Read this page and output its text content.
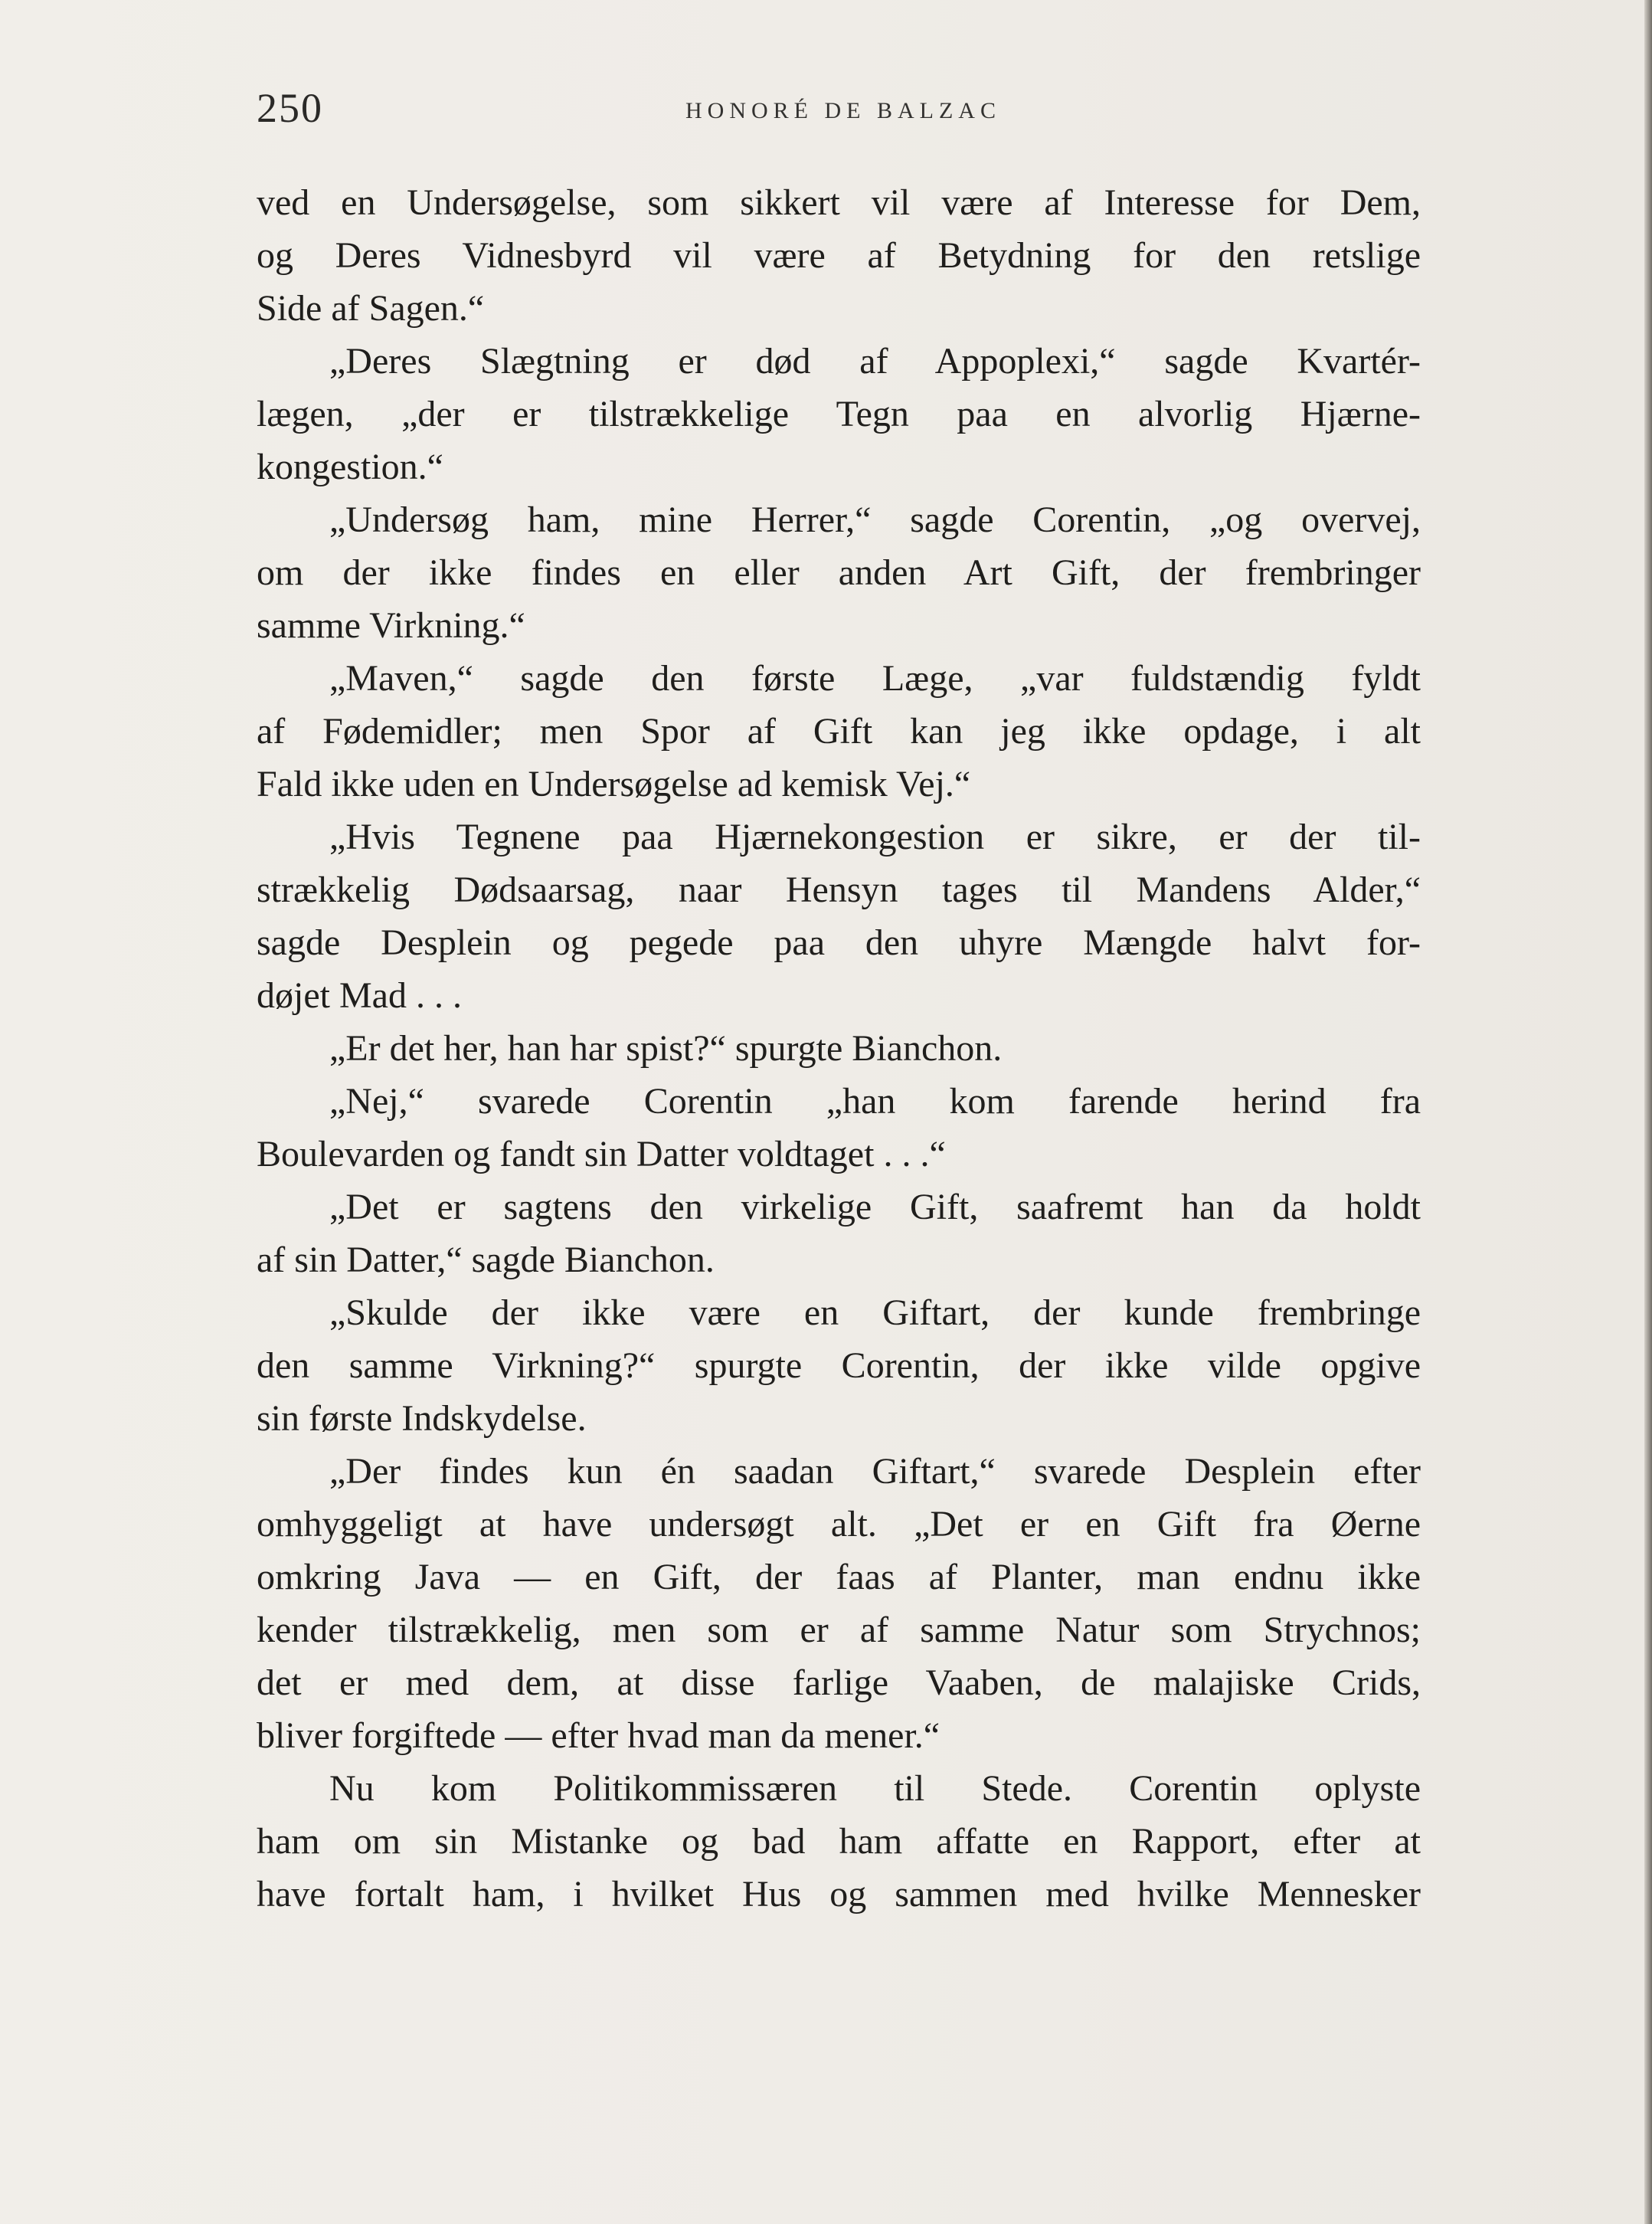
250	HONORÉ DE BALZAC
ved en Undersøgelse, som sikkert vil være af Interesse for Dem,
og Deres Vidnesbyrd vil være af Betydning for den retslige
Side af Sagen.“
„Deres Slægtning er død af Appoplexi,“ sagde Kvartér-
lægen, „der er tilstrækkelige Tegn paa en alvorlig Hjærne-
kongestion.“
„Undersøg ham, mine Herrer,“ sagde Corentin, „og overvej,
om der ikke findes en eller anden Art Gift, der frembringer
samme Virkning.“
„Maven,“ sagde den første Læge, „var fuldstændig fyldt
af Fødemidler; men Spor af Gift kan jeg ikke opdage, i alt
Fald ikke uden en Undersøgelse ad kemisk Vej.“
„Hvis Tegnene paa Hjærnekongestion er sikre, er der til-
strækkelig Dødsaarsag, naar Hensyn tages til Mandens Alder,“
sagde Desplein og pegede paa den uhyre Mængde halvt for-
døjet Mad . . .
„Er det her, han har spist?“ spurgte Bianchon.
„Nej,“ svarede Corentin „han kom farende herind fra
Boulevarden og fandt sin Datter voldtaget . . .“
„Det er sagtens den virkelige Gift, saafremt han da holdt
af sin Datter,“ sagde Bianchon.
„Skulde der ikke være en Giftart, der kunde frembringe
den samme Virkning?“ spurgte Corentin, der ikke vilde opgive
sin første Indskydelse.
„Der findes kun én saadan Giftart,“ svarede Desplein efter
omhyggeligt at have undersøgt alt. „Det er en Gift fra Øerne
omkring Java — en Gift, der faas af Planter, man endnu ikke
kender tilstrækkelig, men som er af samme Natur som Strychnos;
det er med dem, at disse farlige Vaaben, de malajiske Crids,
bliver forgiftede — efter hvad man da mener.“
Nu kom Politikommissæren til Stede. Corentin oplyste
ham om sin Mistanke og bad ham affatte en Rapport, efter at
have fortalt ham, i hvilket Hus og sammen med hvilke Mennesker
